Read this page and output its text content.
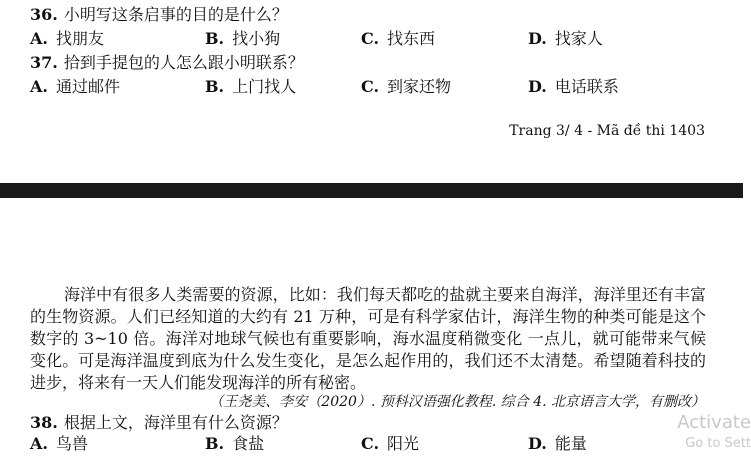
36. 小明写这条启事的目的是什么？
A. 找朋友	B. 找小狗	C. 找东西	D. 找家人
37. 拾到手提包的人怎么跟小明联系？
A. 通过邮件	B. 上门找人	C. 到家还物	D. 电话联系
Trang 3/ 4 - Mã đề thi 1403
海洋中有很多人类需要的资源，比如：我们每天都吃的盐就主要来自海洋，海洋里还有丰富的生物资源。人们已经知道的大约有 21 万种，可是有科学家估计，海洋生物的种类可能是这个数字的 3~10 倍。海洋对地球气候也有重要影响，海水温度稍微变化 一点儿，就可能带来气候变化。可是海洋温度到底为什么发生变化，是怎么起作用的，我们还不太清楚。希望随着科技的进步，将来有一天人们能发现海洋的所有秘密。
（王尧美、李安（2020）. 预科汉语强化教程. 综合 4. 北京语言大学，有删改）
38. 根据上文，海洋里有什么资源？
A. 鸟兽	B. 食盐	C. 阳光	D. 能量
Activate
Go to Sett
